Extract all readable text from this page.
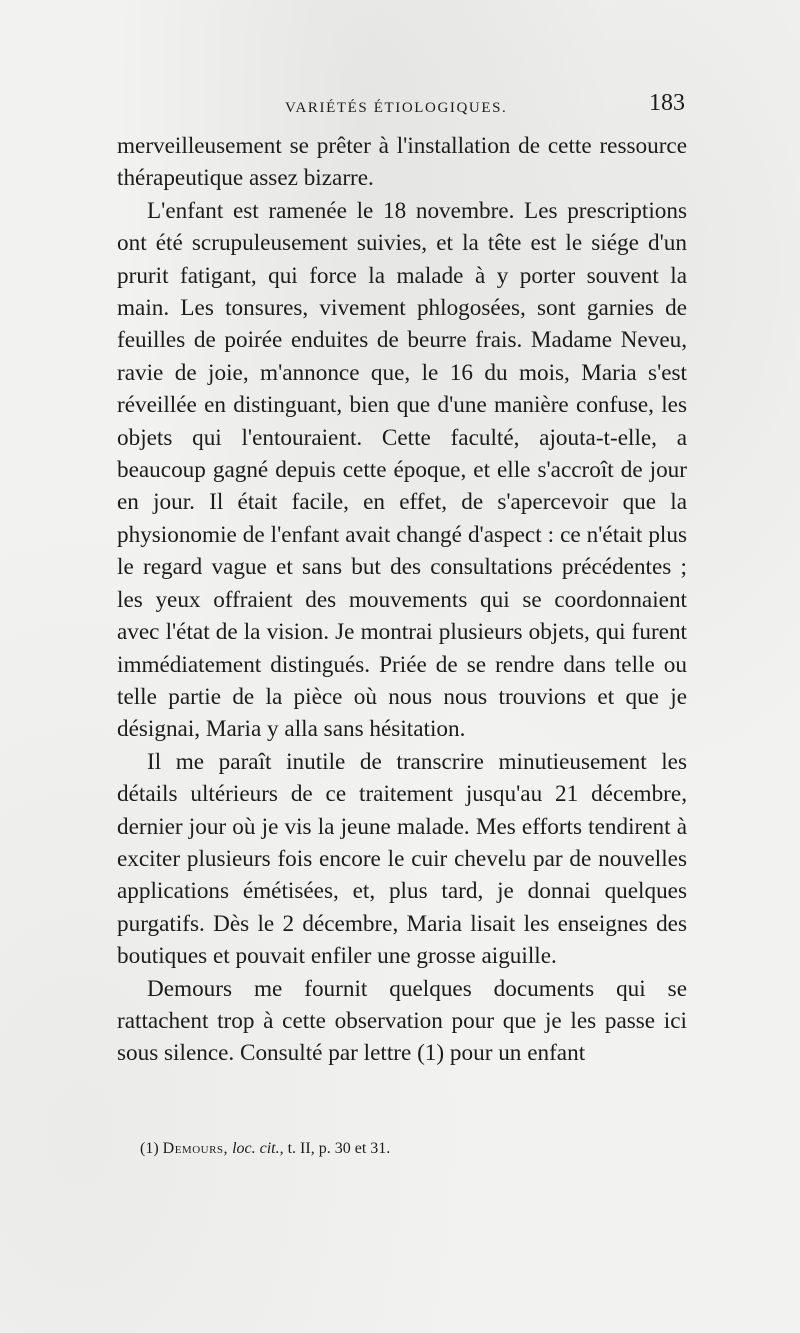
VARIÉTÉS ÉTIOLOGIQUES.	183

merveilleusement se prêter à l'installation de cette ressource thérapeutique assez bizarre.

L'enfant est ramenée le 18 novembre. Les prescriptions ont été scrupuleusement suivies, et la tête est le siége d'un prurit fatigant, qui force la malade à y porter souvent la main. Les tonsures, vivement phlogosées, sont garnies de feuilles de poirée enduites de beurre frais. Madame Neveu, ravie de joie, m'annonce que, le 16 du mois, Maria s'est réveillée en distinguant, bien que d'une manière confuse, les objets qui l'entouraient. Cette faculté, ajouta-t-elle, a beaucoup gagné depuis cette époque, et elle s'accroît de jour en jour. Il était facile, en effet, de s'apercevoir que la physionomie de l'enfant avait changé d'aspect : ce n'était plus le regard vague et sans but des consultations précédentes ; les yeux offraient des mouvements qui se coordonnaient avec l'état de la vision. Je montrai plusieurs objets, qui furent immédiatement distingués. Priée de se rendre dans telle ou telle partie de la pièce où nous nous trouvions et que je désignai, Maria y alla sans hésitation.

Il me paraît inutile de transcrire minutieusement les détails ultérieurs de ce traitement jusqu'au 21 décembre, dernier jour où je vis la jeune malade. Mes efforts tendirent à exciter plusieurs fois encore le cuir chevelu par de nouvelles applications émétisées, et, plus tard, je donnai quelques purgatifs. Dès le 2 décembre, Maria lisait les enseignes des boutiques et pouvait enfiler une grosse aiguille.

Demours me fournit quelques documents qui se rattachent trop à cette observation pour que je les passe ici sous silence. Consulté par lettre (1) pour un enfant

(1) Demours, loc. cit., t. II, p. 30 et 31.
